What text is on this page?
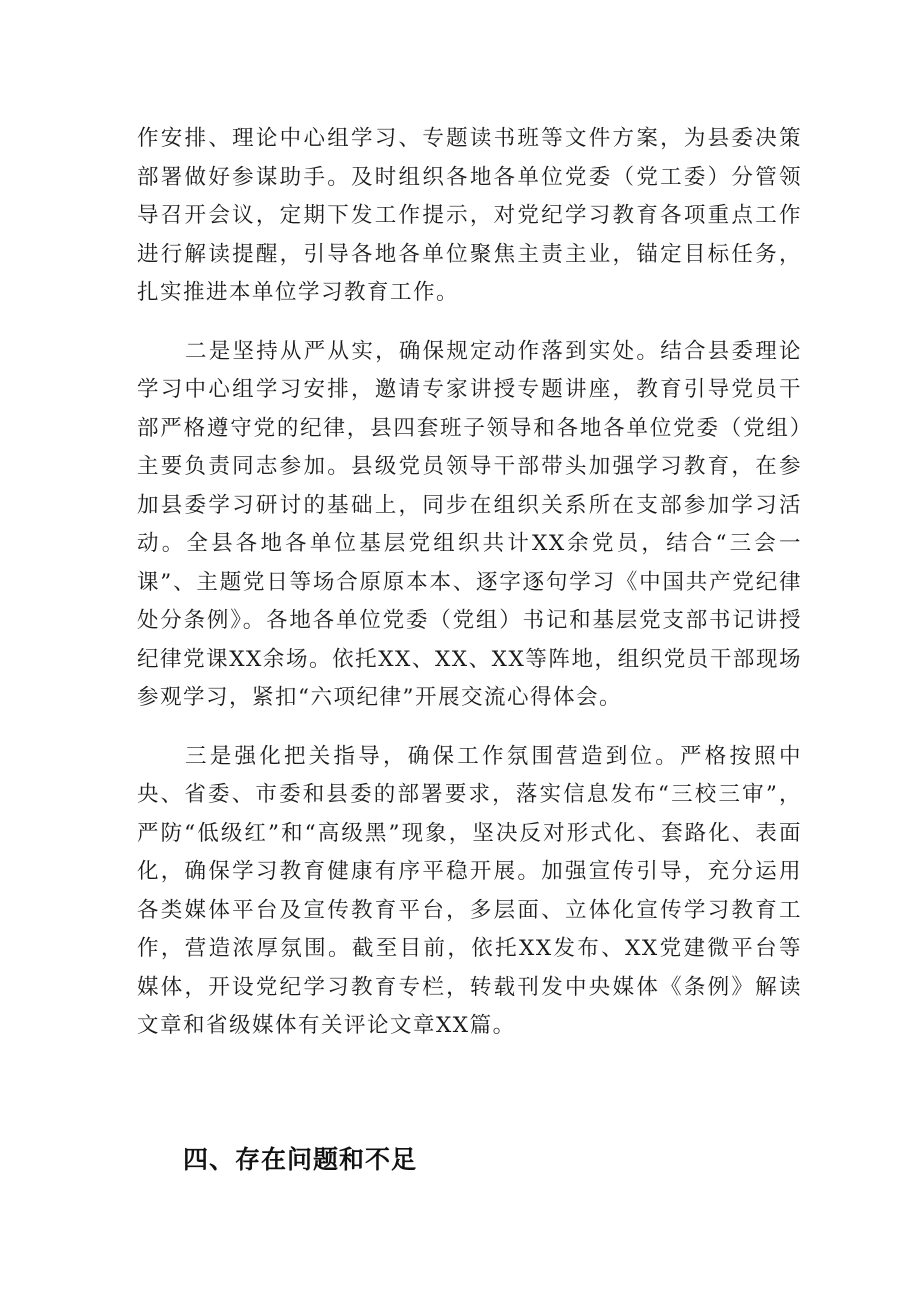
作安排、理论中心组学习、专题读书班等文件方案，为县委决策部署做好参谋助手。及时组织各地各单位党委（党工委）分管领导召开会议，定期下发工作提示，对党纪学习教育各项重点工作进行解读提醒，引导各地各单位聚焦主责主业，锚定目标任务，扎实推进本单位学习教育工作。

二是坚持从严从实，确保规定动作落到实处。结合县委理论学习中心组学习安排，邀请专家讲授专题讲座，教育引导党员干部严格遵守党的纪律，县四套班子领导和各地各单位党委（党组）主要负责同志参加。县级党员领导干部带头加强学习教育，在参加县委学习研讨的基础上，同步在组织关系所在支部参加学习活动。全县各地各单位基层党组织共计XX余党员，结合“三会一课”、主题党日等场合原原本本、逐字逐句学习《中国共产党纪律处分条例》。各地各单位党委（党组）书记和基层党支部书记讲授纪律党课XX余场。依托XX、XX、XX等阵地，组织党员干部现场参观学习，紧扣“六项纪律”开展交流心得体会。

三是强化把关指导，确保工作氛围营造到位。严格按照中央、省委、市委和县委的部署要求，落实信息发布“三校三审”，严防“低级红”和“高级黑”现象，坚决反对形式化、套路化、表面化，确保学习教育健康有序平稳开展。加强宣传引导，充分运用各类媒体平台及宣传教育平台，多层面、立体化宣传学习教育工作，营造浓厚氛围。截至目前，依托XX发布、XX党建微平台等媒体，开设党纪学习教育专栏，转载刊发中央媒体《条例》解读文章和省级媒体有关评论文章XX篇。

四、存在问题和不足
